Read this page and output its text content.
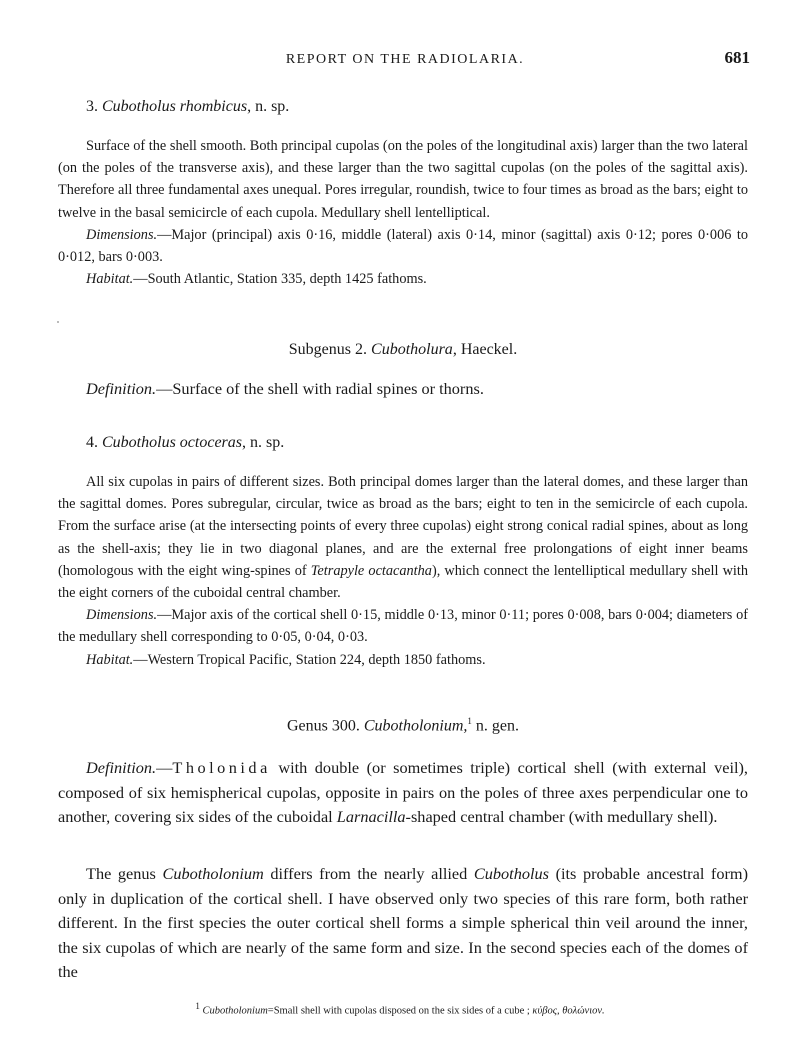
REPORT ON THE RADIOLARIA.	681
3. Cubotholus rhombicus, n. sp.

Surface of the shell smooth. Both principal cupolas (on the poles of the longitudinal axis) larger than the two lateral (on the poles of the transverse axis), and these larger than the two sagittal cupolas (on the poles of the sagittal axis). Therefore all three fundamental axes unequal. Pores irregular, roundish, twice to four times as broad as the bars; eight to twelve in the basal semicircle of each cupola. Medullary shell lentelliptical.

Dimensions.—Major (principal) axis 0·16, middle (lateral) axis 0·14, minor (sagittal) axis 0·12; pores 0·006 to 0·012, bars 0·003.

Habitat.—South Atlantic, Station 335, depth 1425 fathoms.

Subgenus 2. Cubotholura, Haeckel.

Definition.—Surface of the shell with radial spines or thorns.

4. Cubotholus octoceras, n. sp.

All six cupolas in pairs of different sizes. Both principal domes larger than the lateral domes, and these larger than the sagittal domes. Pores subregular, circular, twice as broad as the bars; eight to ten in the semicircle of each cupola. From the surface arise (at the intersecting points of every three cupolas) eight strong conical radial spines, about as long as the shell-axis; they lie in two diagonal planes, and are the external free prolongations of eight inner beams (homologous with the eight wing-spines of Tetrapyle octacantha), which connect the lentelliptical medullary shell with the eight corners of the cuboidal central chamber.

Dimensions.—Major axis of the cortical shell 0·15, middle 0·13, minor 0·11; pores 0·008, bars 0·004; diameters of the medullary shell corresponding to 0·05, 0·04, 0·03.

Habitat.—Western Tropical Pacific, Station 224, depth 1850 fathoms.

Genus 300. Cubotholonium,$^1$ n. gen.

Definition.—Tholonida with double (or sometimes triple) cortical shell (with external veil), composed of six hemispherical cupolas, opposite in pairs on the poles of three axes perpendicular one to another, covering six sides of the cuboidal Larnacilla-shaped central chamber (with medullary shell).

The genus Cubotholonium differs from the nearly allied Cubotholus (its probable ancestral form) only in duplication of the cortical shell. I have observed only two species of this rare form, both rather different. In the first species the outer cortical shell forms a simple spherical thin veil around the inner, the six cupolas of which are nearly of the same form and size. In the second species each of the domes of the

$^1$ Cubotholonium=Small shell with cupolas disposed on the six sides of a cube ; κύβος, θολώνιον.
